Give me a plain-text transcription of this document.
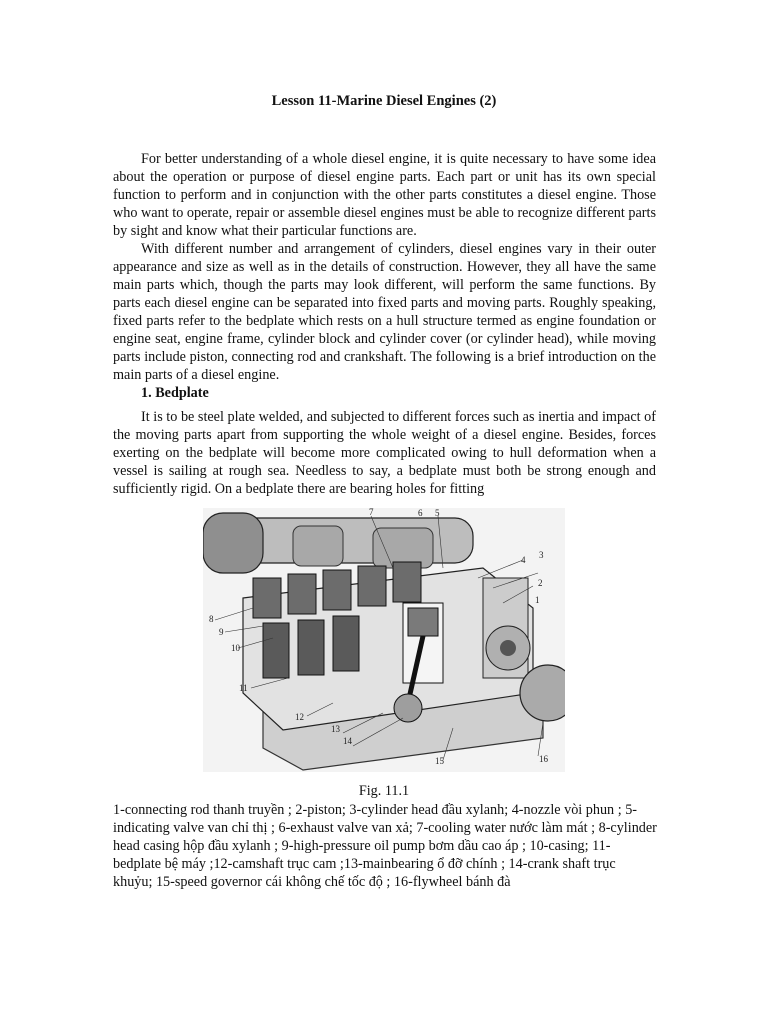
Lesson 11-Marine Diesel Engines (2)

For better understanding of a whole diesel engine, it is quite necessary to have some idea about the operation or purpose of diesel engine parts. Each part or unit has its own special function to perform and in conjunction with the other parts constitutes a diesel engine. Those who want to operate, repair or assemble diesel engines must be able to recognize different parts by sight and know what their particular functions are.

With different number and arrangement of cylinders, diesel engines vary in their outer appearance and size as well as in the details of construction. However, they all have the same main parts which, though the parts may look different, will perform the same functions. By parts each diesel engine can be separated into fixed parts and moving parts. Roughly speaking, fixed parts refer to the bedplate which rests on a hull structure termed as engine foundation or engine seat, engine frame, cylinder block and cylinder cover (or cylinder head), while moving parts include piston, connecting rod and crankshaft. The following is a brief introduction on the main parts of a diesel engine.

1. Bedplate

It is to be steel plate welded, and subjected to different forces such as inertia and impact of the moving parts apart from supporting the whole weight of a diesel engine. Besides, forces exerting on the bedplate will become more complicated owing to hull deformation when a vessel is sailing at rough sea. Needless to say, a bedplate must both be strong enough and sufficiently rigid. On a bedplate there are bearing holes for fitting

1
2
3
4
5
6
7
8
9
10
11
12
13
14
15	16
Fig. 11.1

1-connecting rod thanh truyền ; 2-piston; 3-cylinder head đầu xylanh; 4-nozzle vòi phun ; 5-indicating valve van chỉ thị ; 6-exhaust valve van xả; 7-cooling water nước làm mát ; 8-cylinder head casing hộp đầu xylanh ; 9-high-pressure oil pump bơm dầu cao áp ; 10-casing; 11-bedplate bệ máy ;12-camshaft trục cam ;13-mainbearing ổ đỡ chính ; 14-crank shaft trục khuỷu; 15-speed governor cái không chế tốc độ ; 16-flywheel bánh đà
